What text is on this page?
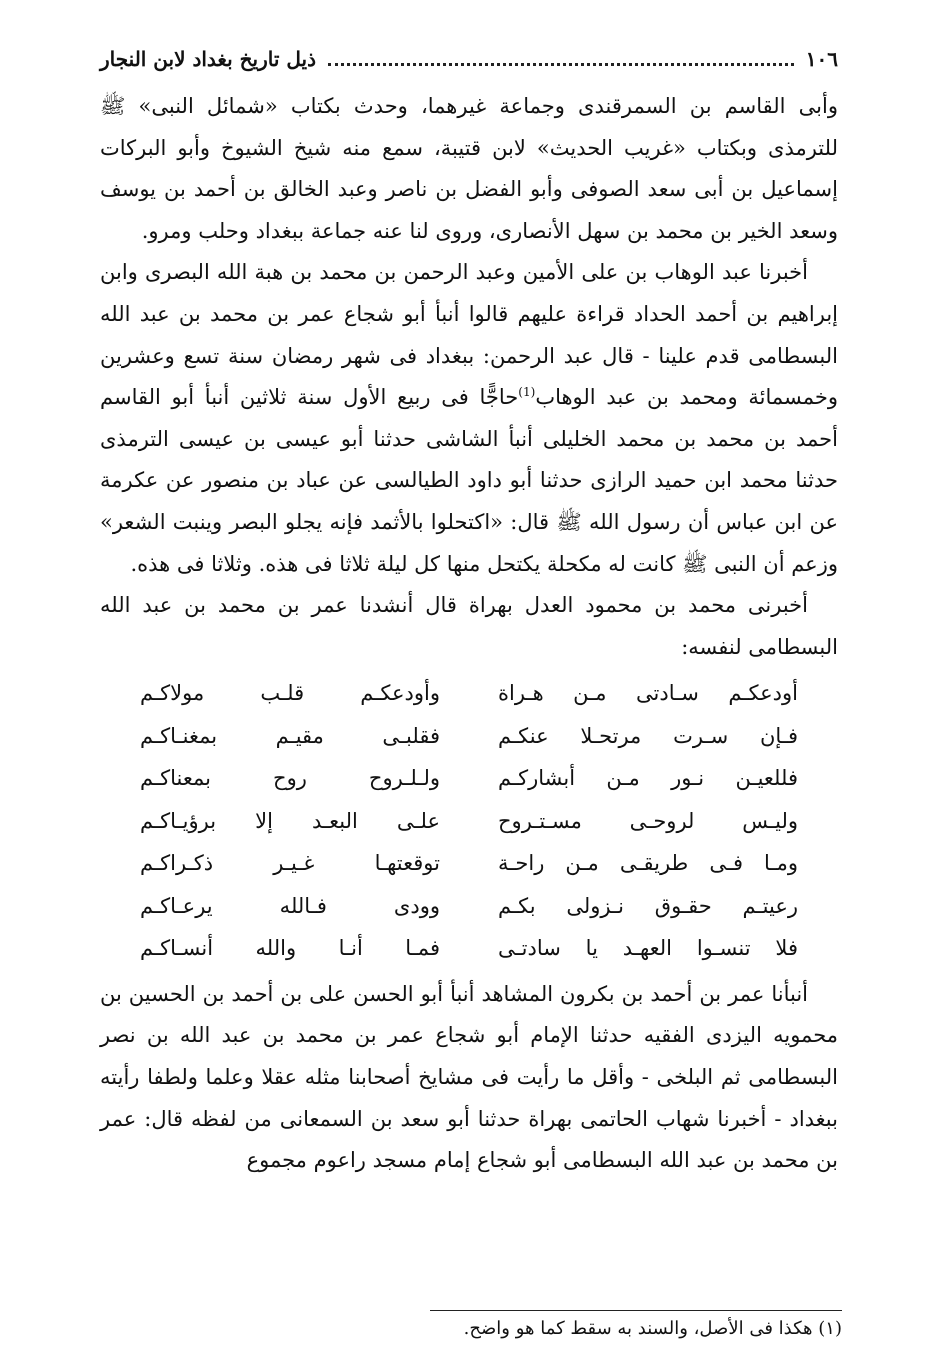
١٠٦
ذيل تاريخ بغداد لابن النجار

وأبى القاسم بن السمرقندى وجماعة غيرهما، وحدث بكتاب «شمائل النبى» ﷺ للترمذى وبكتاب «غريب الحديث» لابن قتيبة، سمع منه شيخ الشيوخ وأبو البركات إسماعيل بن أبى سعد الصوفى وأبو الفضل بن ناصر وعبد الخالق بن أحمد بن يوسف وسعد الخير بن محمد بن سهل الأنصارى، وروى لنا عنه جماعة ببغداد وحلب ومرو.

أخبرنا عبد الوهاب بن على الأمين وعبد الرحمن بن محمد بن هبة الله البصرى وابن إبراهيم بن أحمد الحداد قراءة عليهم قالوا أنبأ أبو شجاع عمر بن محمد بن عبد الله البسطامى قدم علينا - قال عبد الرحمن: ببغداد فى شهر رمضان سنة تسع وعشرين وخمسمائة ومحمد بن عبد الوهاب$^{(1)}$حاجًّا فى ربيع الأول سنة ثلاثين أنبأ أبو القاسم أحمد بن محمد بن محمد الخليلى أنبأ الشاشى حدثنا أبو عيسى بن عيسى الترمذى حدثنا محمد ابن حميد الرازى حدثنا أبو داود الطيالسى عن عباد بن منصور عن عكرمة عن ابن عباس أن رسول الله ﷺ قال: «اكتحلوا بالأثمد فإنه يجلو البصر وينبت الشعر» وزعم أن النبى ﷺ كانت له مكحلة يكتحل منها كل ليلة ثلاثا فى هذه. وثلاثا فى هذه.

أخبرنى محمد بن محمود العدل بهراة قال أنشدنا عمر بن محمد بن عبد الله البسطامى لنفسه:

أودعكـم سـادتى مـن هـراة
وأودعكـم قلـب مولاكـم
فـإن سـرت مرتحـلا عنكـم
فقلبـى مقيـم بمغنـاكـم
فللعيـن نـور مـن أبشاركـم
ولـلـروح روح بمعناكـم
وليـس لروحـى مسـتـروح
علـى البعـد إلا برؤيـاكـم
ومـا فـى طريقـى مـن راحـة
توقعتهـا غـيـر ذكـراكـم
رعيتـم حقـوق نـزولى بكـم
وودى فـالله يرعـاكـم
فلا تنسـوا العهـد يا سادتـى
فمـا أنـا والله أنسـاكـم

أنبأنا عمر بن أحمد بن بكرون المشاهد أنبأ أبو الحسن على بن أحمد بن الحسين بن محمويه اليزدى الفقيه حدثنا الإمام أبو شجاع عمر بن محمد بن عبد الله بن نصر البسطامى ثم البلخى - وأقل ما رأيت فى مشايخ أصحابنا مثله عقلا وعلما ولطفا رأيته ببغداد - أخبرنا شهاب الحاتمى بهراة حدثنا أبو سعد بن السمعانى من لفظه قال: عمر بن محمد بن عبد الله البسطامى أبو شجاع إمام مسجد راعوم مجموع

(١) هكذا فى الأصل، والسند به سقط كما هو واضح.
